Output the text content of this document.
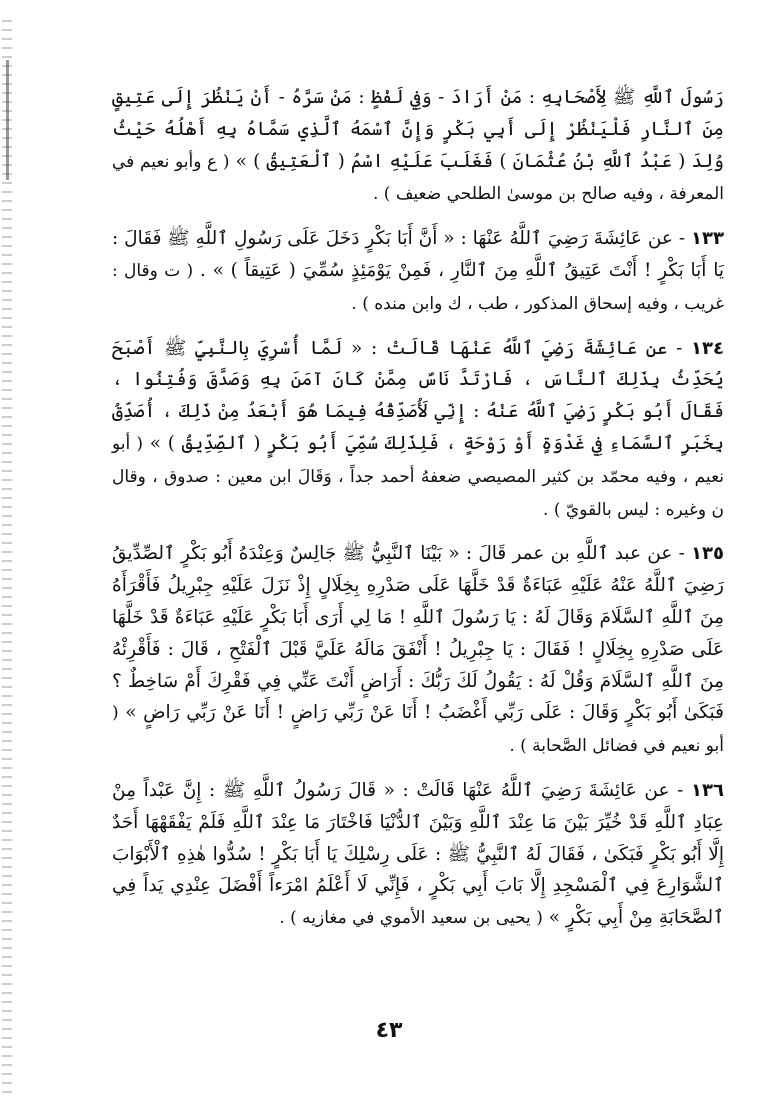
رَسُولَ ٱللَّهِ ﷺ لِأَصْحَابِهِ : مَنْ أَرَادَ - وَفِي لَفْظٍ : مَنْ سَرَّهُ - أَنْ يَنْظُرَ إِلَى عَتِيقٍ مِنَ ٱلنَّارِ فَلْيَنْظُرْ إِلَى أَبِي بَكْرٍ وَإِنَّ ٱسْمَهُ ٱلَّذِي سَمَّاهُ بِهِ أَهْلُهُ حَيْثُ وُلِدَ ( عَبْدُ ٱللَّهِ بْنُ عُثْمَانَ ) فَغَلَبَ عَلَيْهِ اسْمُ ( ٱلْعَتِيقُ ) » ( ع وأبو نعيم في المعرفة ، وفيه صالح بن موسىٰ الطلحي ضعيف ) .

١٣٣ - عن عَائِشَةَ رَضِيَ ٱللَّهُ عَنْهَا : « أَنَّ أَبَا بَكْرٍ دَخَلَ عَلَى رَسُولِ ٱللَّهِ ﷺ فَقَالَ : يَا أَبَا بَكْرٍ ! أَنْتَ عَتِيقُ ٱللَّهِ مِنَ ٱلنَّارِ ، فَمِنْ يَوْمَئِذٍ سُمِّيَ ( عَتِيقاً ) » . ( ت وقال : غريب ، وفيه إسحاق المذكور ، طب ، ك وابن منده ) .

١٣٤ - عن عَائِشَةَ رَضِيَ ٱللَّهُ عَنْهَا قَالَتْ : « لَمَّا أُسْرِيَ بِالنَّبِيِّ ﷺ أَصْبَحَ يُحَدِّثُ بِذَلِكَ ٱلنَّاسَ ، فَارْتَدَّ نَاسٌ مِمَّنْ كَانَ آمَنَ بِهِ وَصَدَّقَ وَفُتِنُوا ، فَقَالَ أَبُو بَكْرٍ رَضِيَ ٱللَّهُ عَنْهُ : إِنِّي لَأُصَدِّقُهُ فِيمَا هُوَ أَبْعَدُ مِنْ ذَلِكَ ، أُصَدِّقُ بِخَبَرِ ٱلسَّمَاءِ فِي غَدْوَةٍ أَوْ رَوْحَةٍ ، فَلِذَلِكَ سُمِّيَ أَبُو بَكْرٍ ( ٱلصِّدِّيقُ ) » ( أبو نعيم ، وفيه محمّد بن كثير المصيصي ضعفهُ أحمد جداً ، وَقَالَ ابن معين : صدوق ، وقال ن وغيره : ليس بالقويّ ) .

١٣٥ - عن عبد ٱللَّهِ بن عمر قَالَ : « بَيْنَا ٱلنَّبِيُّ ﷺ جَالِسٌ وَعِنْدَهُ أَبُو بَكْرٍ ٱلصِّدِّيقُ رَضِيَ ٱللَّهُ عَنْهُ عَلَيْهِ عَبَاءَةٌ قَدْ خَلَّهَا عَلَى صَدْرِهِ بِخِلَالٍ إِذْ نَزَلَ عَلَيْهِ جِبْرِيلُ فَأَقْرَأَهُ مِنَ ٱللَّهِ ٱلسَّلَامَ وَقَالَ لَهُ : يَا رَسُولَ ٱللَّهِ ! مَا لِي أَرَى أَبَا بَكْرٍ عَلَيْهِ عَبَاءَةٌ قَدْ خَلَّهَا عَلَى صَدْرِهِ بِخِلَالٍ ! فَقَالَ : يَا جِبْرِيلُ ! أَنْفَقَ مَالَهُ عَلَيَّ قَبْلَ ٱلْفَتْحِ ، قَالَ : فَأَقْرِئْهُ مِنَ ٱللَّهِ ٱلسَّلَامَ وَقُلْ لَهُ : يَقُولُ لَكَ رَبُّكَ : أَرَاضٍ أَنْتَ عَنِّي فِي فَقْرِكَ أَمْ سَاخِطٌ ؟ فَبَكَىٰ أَبُو بَكْرٍ وَقَالَ : عَلَى رَبِّي أَغْضَبُ ! أَنَا عَنْ رَبِّي رَاضٍ ! أَنَا عَنْ رَبِّي رَاضٍ » ( أبو نعيم في فضائل الصَّحابة ) .

١٣٦ - عن عَائِشَةَ رَضِيَ ٱللَّهُ عَنْهَا قَالَتْ : « قَالَ رَسُولُ ٱللَّهِ ﷺ : إِنَّ عَبْداً مِنْ عِبَادِ ٱللَّهِ قَدْ خُيِّرَ بَيْنَ مَا عِنْدَ ٱللَّهِ وَبَيْنَ ٱلدُّنْيَا فَاخْتَارَ مَا عِنْدَ ٱللَّهِ فَلَمْ يَفْقَهْهَا أَحَدٌ إِلَّا أَبُو بَكْرٍ فَبَكَىٰ ، فَقَالَ لَهُ ٱلنَّبِيُّ ﷺ : عَلَى رِسْلِكَ يَا أَبَا بَكْرٍ ! سُدُّوا هٰذِهِ ٱلْأَبْوَابَ ٱلشَّوَارِعَ فِي ٱلْمَسْجِدِ إِلَّا بَابَ أَبِي بَكْرٍ ، فَإِنِّي لَا أَعْلَمُ امْرَءاً أَفْضَلَ عِنْدِي يَداً فِي ٱلصَّحَابَةِ مِنْ أَبِي بَكْرٍ » ( يحيى بن سعيد الأموي في مغازيه ) .

٤٣
